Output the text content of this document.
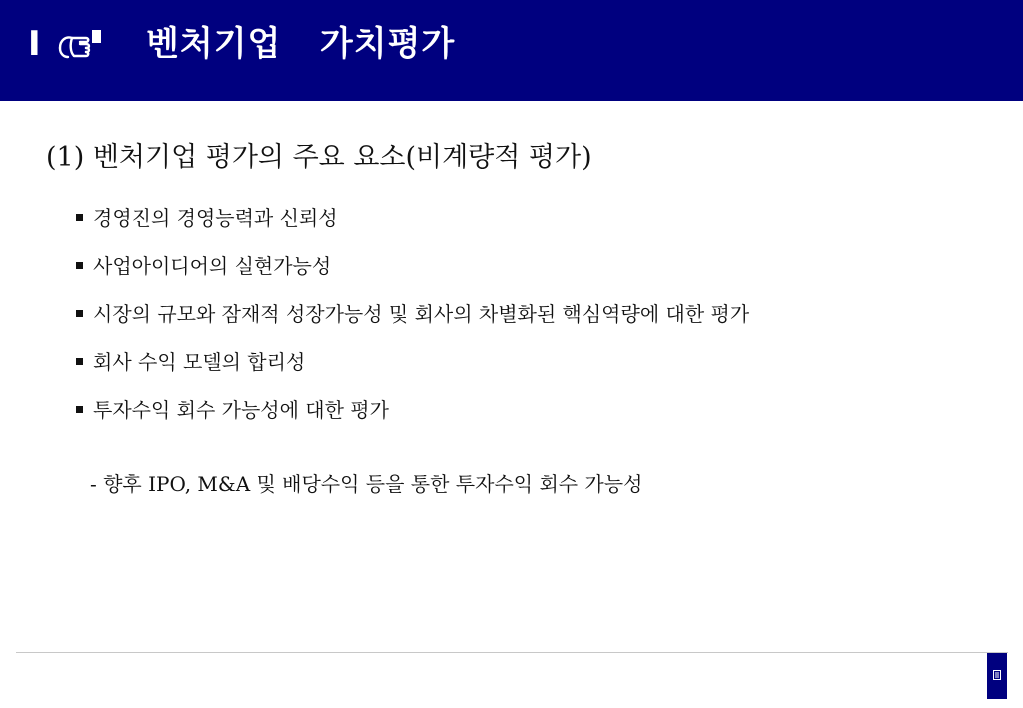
Ⅰ	벤처기업   가치평가
(1) 벤처기업 평가의 주요 요소(비계량적 평가)
경영진의 경영능력과 신뢰성
사업아이디어의 실현가능성
시장의 규모와 잠재적 성장가능성 및 회사의 차별화된 핵심역량에 대한 평가
회사 수익 모델의 합리성
투자수익 회수 가능성에 대한 평가
- 향후 IPO, M&A 및 배당수익 등을 통한 투자수익 회수 가능성
